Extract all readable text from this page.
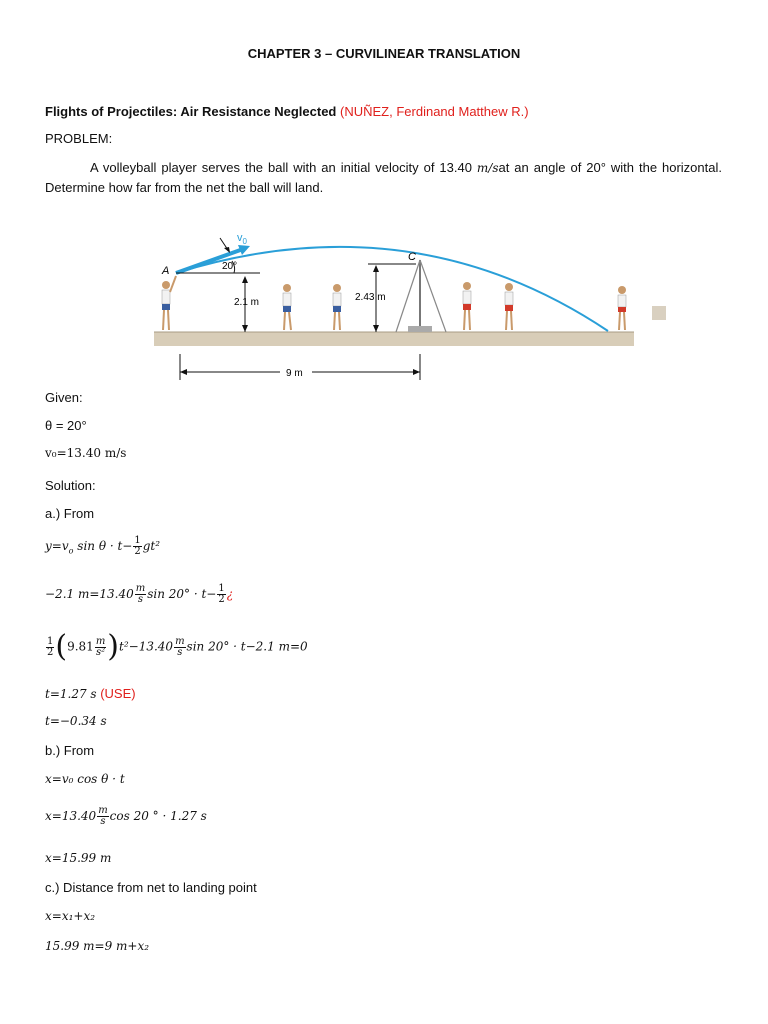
CHAPTER 3 – CURVILINEAR TRANSLATION
Flights of Projectiles: Air Resistance Neglected (NUÑEZ, Ferdinand Matthew R.)
PROBLEM:
A volleyball player serves the ball with an initial velocity of 13.40 m/sat an angle of 20° with the horizontal. Determine how far from the net the ball will land.
$v_0$
20°
2.1 m
A
C
2.43 m
9 m
Given:
θ = 20°
v₀=13.40 m/s
Solution:
a.) From
$y=v_o$ $\sin \theta \cdot t- \frac{1}{2} gt^2$
−2.1 $m=13.40 \frac{m}{s}$ $\sin 20^\circ \cdot t- \frac{1}{2}$ ¿
$\frac{1}{2} (9.81 \frac{m}{\text{s²}} )t^2-13.40 \frac{m}{s}$ sin 20° · t−2.1 m=0
t=1.27 s (USE)
t=−0.34 s
b.) From
x=v₀ cos θ · t
$x=13.40 \frac{m}{s}$ cos 20 ° · 1.27 s
x=15.99 m
c.) Distance from net to landing point
x=x₁+x₂
15.99 m=9 m+x₂
